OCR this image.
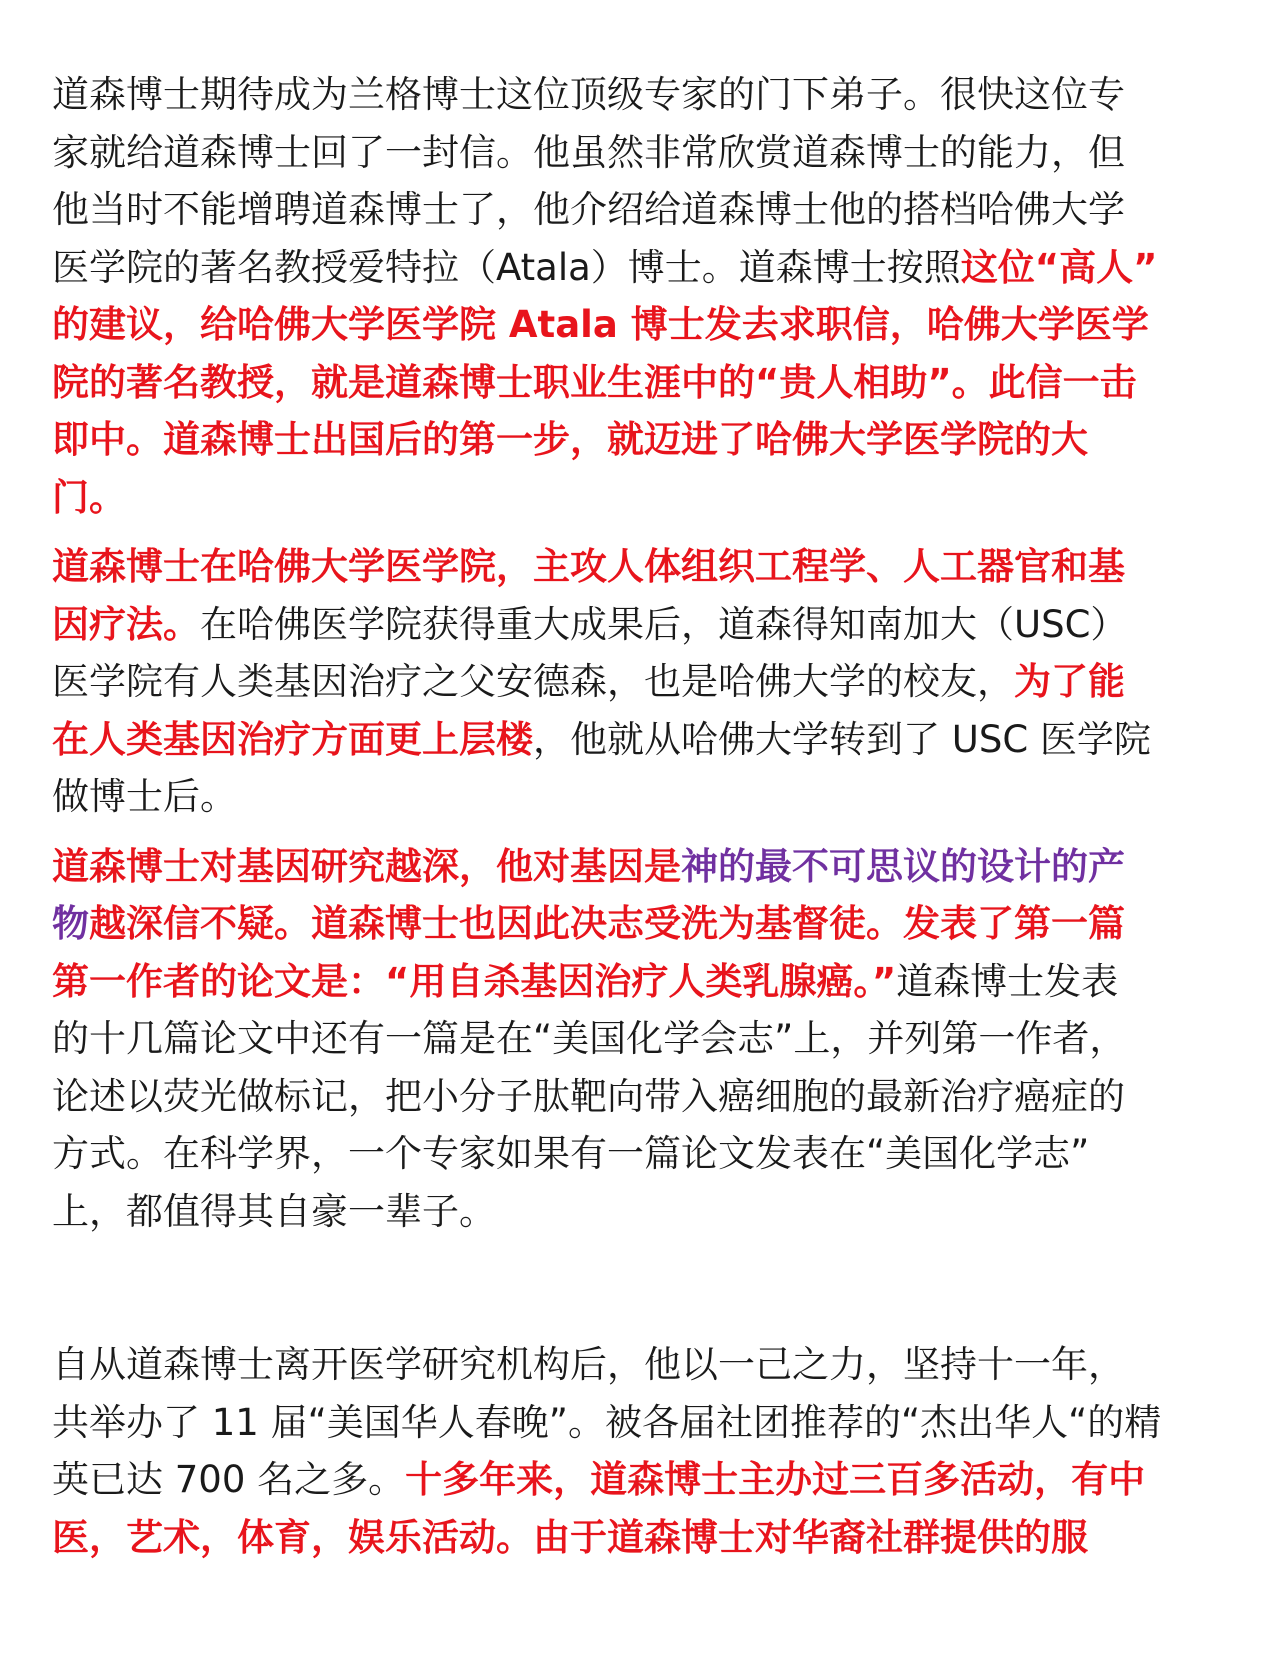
道森博士期待成为兰格博士这位顶级专家的门下弟子。很快这位专
家就给道森博士回了一封信。他虽然非常欣赏道森博士的能力，但
他当时不能增聘道森博士了，他介绍给道森博士他的搭档哈佛大学
医学院的著名教授爱特拉（Atala）博士。道森博士按照这位“高人”
的建议，给哈佛大学医学院 Atala 博士发去求职信，哈佛大学医学
院的著名教授，就是道森博士职业生涯中的“贵人相助”。此信一击
即中。道森博士出国后的第一步，就迈进了哈佛大学医学院的大
门。

道森博士在哈佛大学医学院，主攻人体组织工程学、人工器官和基
因疗法。在哈佛医学院获得重大成果后，道森得知南加大（USC）
医学院有人类基因治疗之父安德森，也是哈佛大学的校友，为了能
在人类基因治疗方面更上层楼，他就从哈佛大学转到了 USC 医学院
做博士后。

道森博士对基因研究越深，他对基因是神的最不可思议的设计的产
物越深信不疑。道森博士也因此决志受洗为基督徒。发表了第一篇
第一作者的论文是：“用自杀基因治疗人类乳腺癌。”道森博士发表
的十几篇论文中还有一篇是在“美国化学会志”上，并列第一作者，
论述以荧光做标记，把小分子肽靶向带入癌细胞的最新治疗癌症的
方式。在科学界，一个专家如果有一篇论文发表在“美国化学志”
上，都值得其自豪一辈子。

自从道森博士离开医学研究机构后，他以一己之力，坚持十一年，
共举办了 11 届“美国华人春晚”。被各届社团推荐的“杰出华人“的精
英已达 700 名之多。十多年来，道森博士主办过三百多活动，有中
医，艺术，体育，娱乐活动。由于道森博士对华裔社群提供的服
